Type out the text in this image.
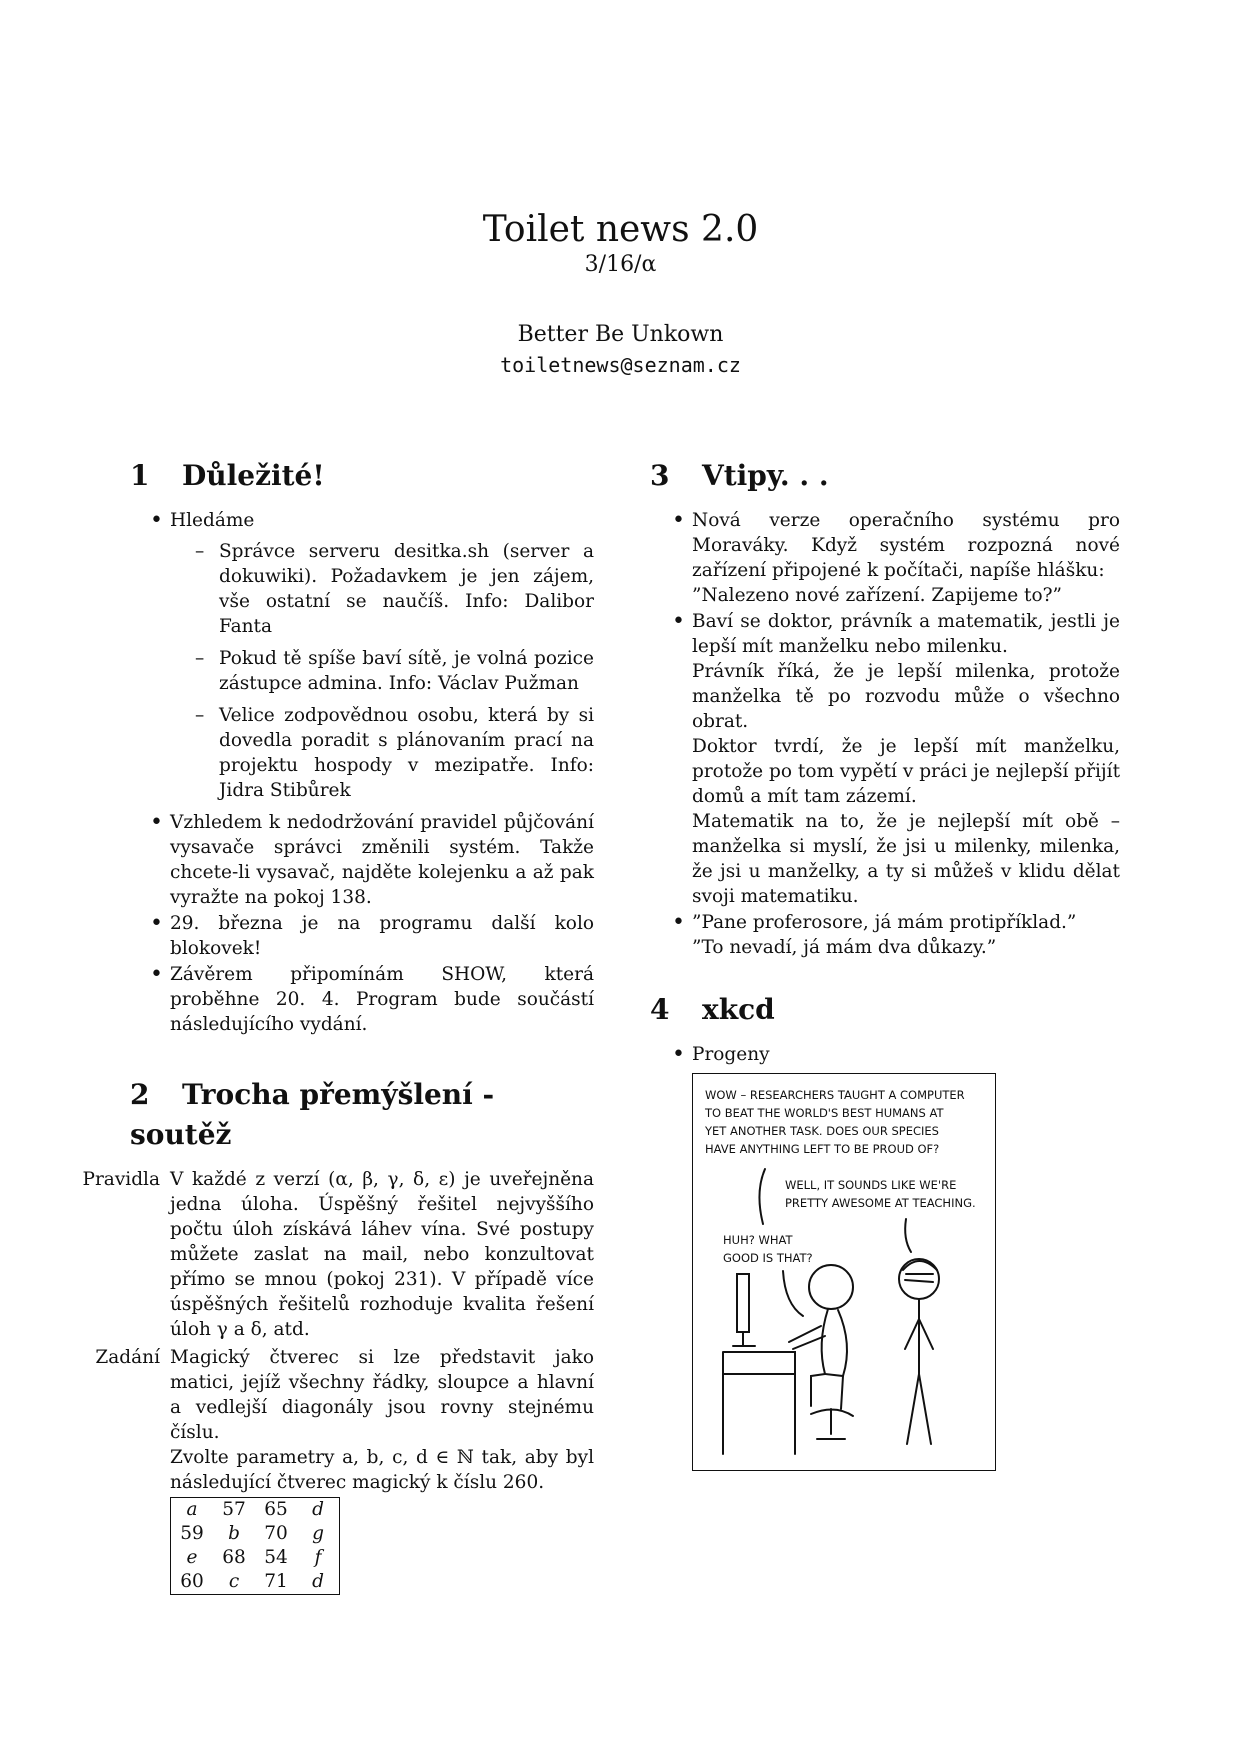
Toilet news 2.0
3/16/α
Better Be Unkown
toiletnews@seznam.cz
1 Důležité!
• Hledáme
– Správce serveru desitka.sh (server a dokuwiki). Požadavkem je jen zájem, vše ostatní se naučíš. Info: Dalibor Fanta
– Pokud tě spíše baví sítě, je volná pozice zástupce admina. Info: Václav Pužman
– Velice zodpovědnou osobu, která by si dovedla poradit s plánovaním prací na projektu hospody v mezipatře. Info: Jidra Stibůrek
• Vzhledem k nedodržování pravidel půjčování vysavače správci změnili systém. Takže chcete-li vysavač, najděte kolejenku a až pak vyražte na pokoj 138.
• 29. března je na programu další kolo blokovek!
• Závěrem připomínám SHOW, která proběhne 20. 4. Program bude součástí následujícího vydání.
2 Trocha přemýšlení - soutěž
Pravidla V každé z verzí (α, β, γ, δ, ε) je uveřejněna jedna úloha. Úspěšný řešitel nejvyššího počtu úloh získává láhev vína. Své postupy můžete zaslat na mail, nebo konzultovat přímo se mnou (pokoj 231). V případě více úspěšných řešitelů rozhoduje kvalita řešení úloh γ a δ, atd.
Zadání Magický čtverec si lze představit jako matici, jejíž všechny řádky, sloupce a hlavní a vedlejší diagonály jsou rovny stejnému číslu.
Zvolte parametry a, b, c, d ∈ ℕ tak, aby byl následující čtverec magický k číslu 260.
a	57	65	d
59	b	70	g
e	68	54	f
60	c	71	d
3 Vtipy. . .
• Nová verze operačního systému pro Moraváky. Když systém rozpozná nové zařízení připojené k počítači, napíše hlášku:
”Nalezeno nové zařízení. Zapijeme to?”
• Baví se doktor, právník a matematik, jestli je lepší mít manželku nebo milenku.
Právník říká, že je lepší milenka, protože manželka tě po rozvodu může o všechno obrat.
Doktor tvrdí, že je lepší mít manželku, protože po tom vypětí v práci je nejlepší přijít domů a mít tam zázemí.
Matematik na to, že je nejlepší mít obě – manželka si myslí, že jsi u milenky, milenka, že jsi u manželky, a ty si můžeš v klidu dělat svoji matematiku.
• ”Pane proferosore, já mám protipříklad.”
”To nevadí, já mám dva důkazy.”
4 xkcd
• Progeny
WOW – RESEARCHERS TAUGHT A COMPUTER
TO BEAT THE WORLD'S BEST HUMANS AT
YET ANOTHER TASK. DOES OUR SPECIES
HAVE ANYTHING LEFT TO BE PROUD OF?
WELL, IT SOUNDS LIKE WE'RE
PRETTY AWESOME AT TEACHING.
HUH? WHAT
GOOD IS THAT?
